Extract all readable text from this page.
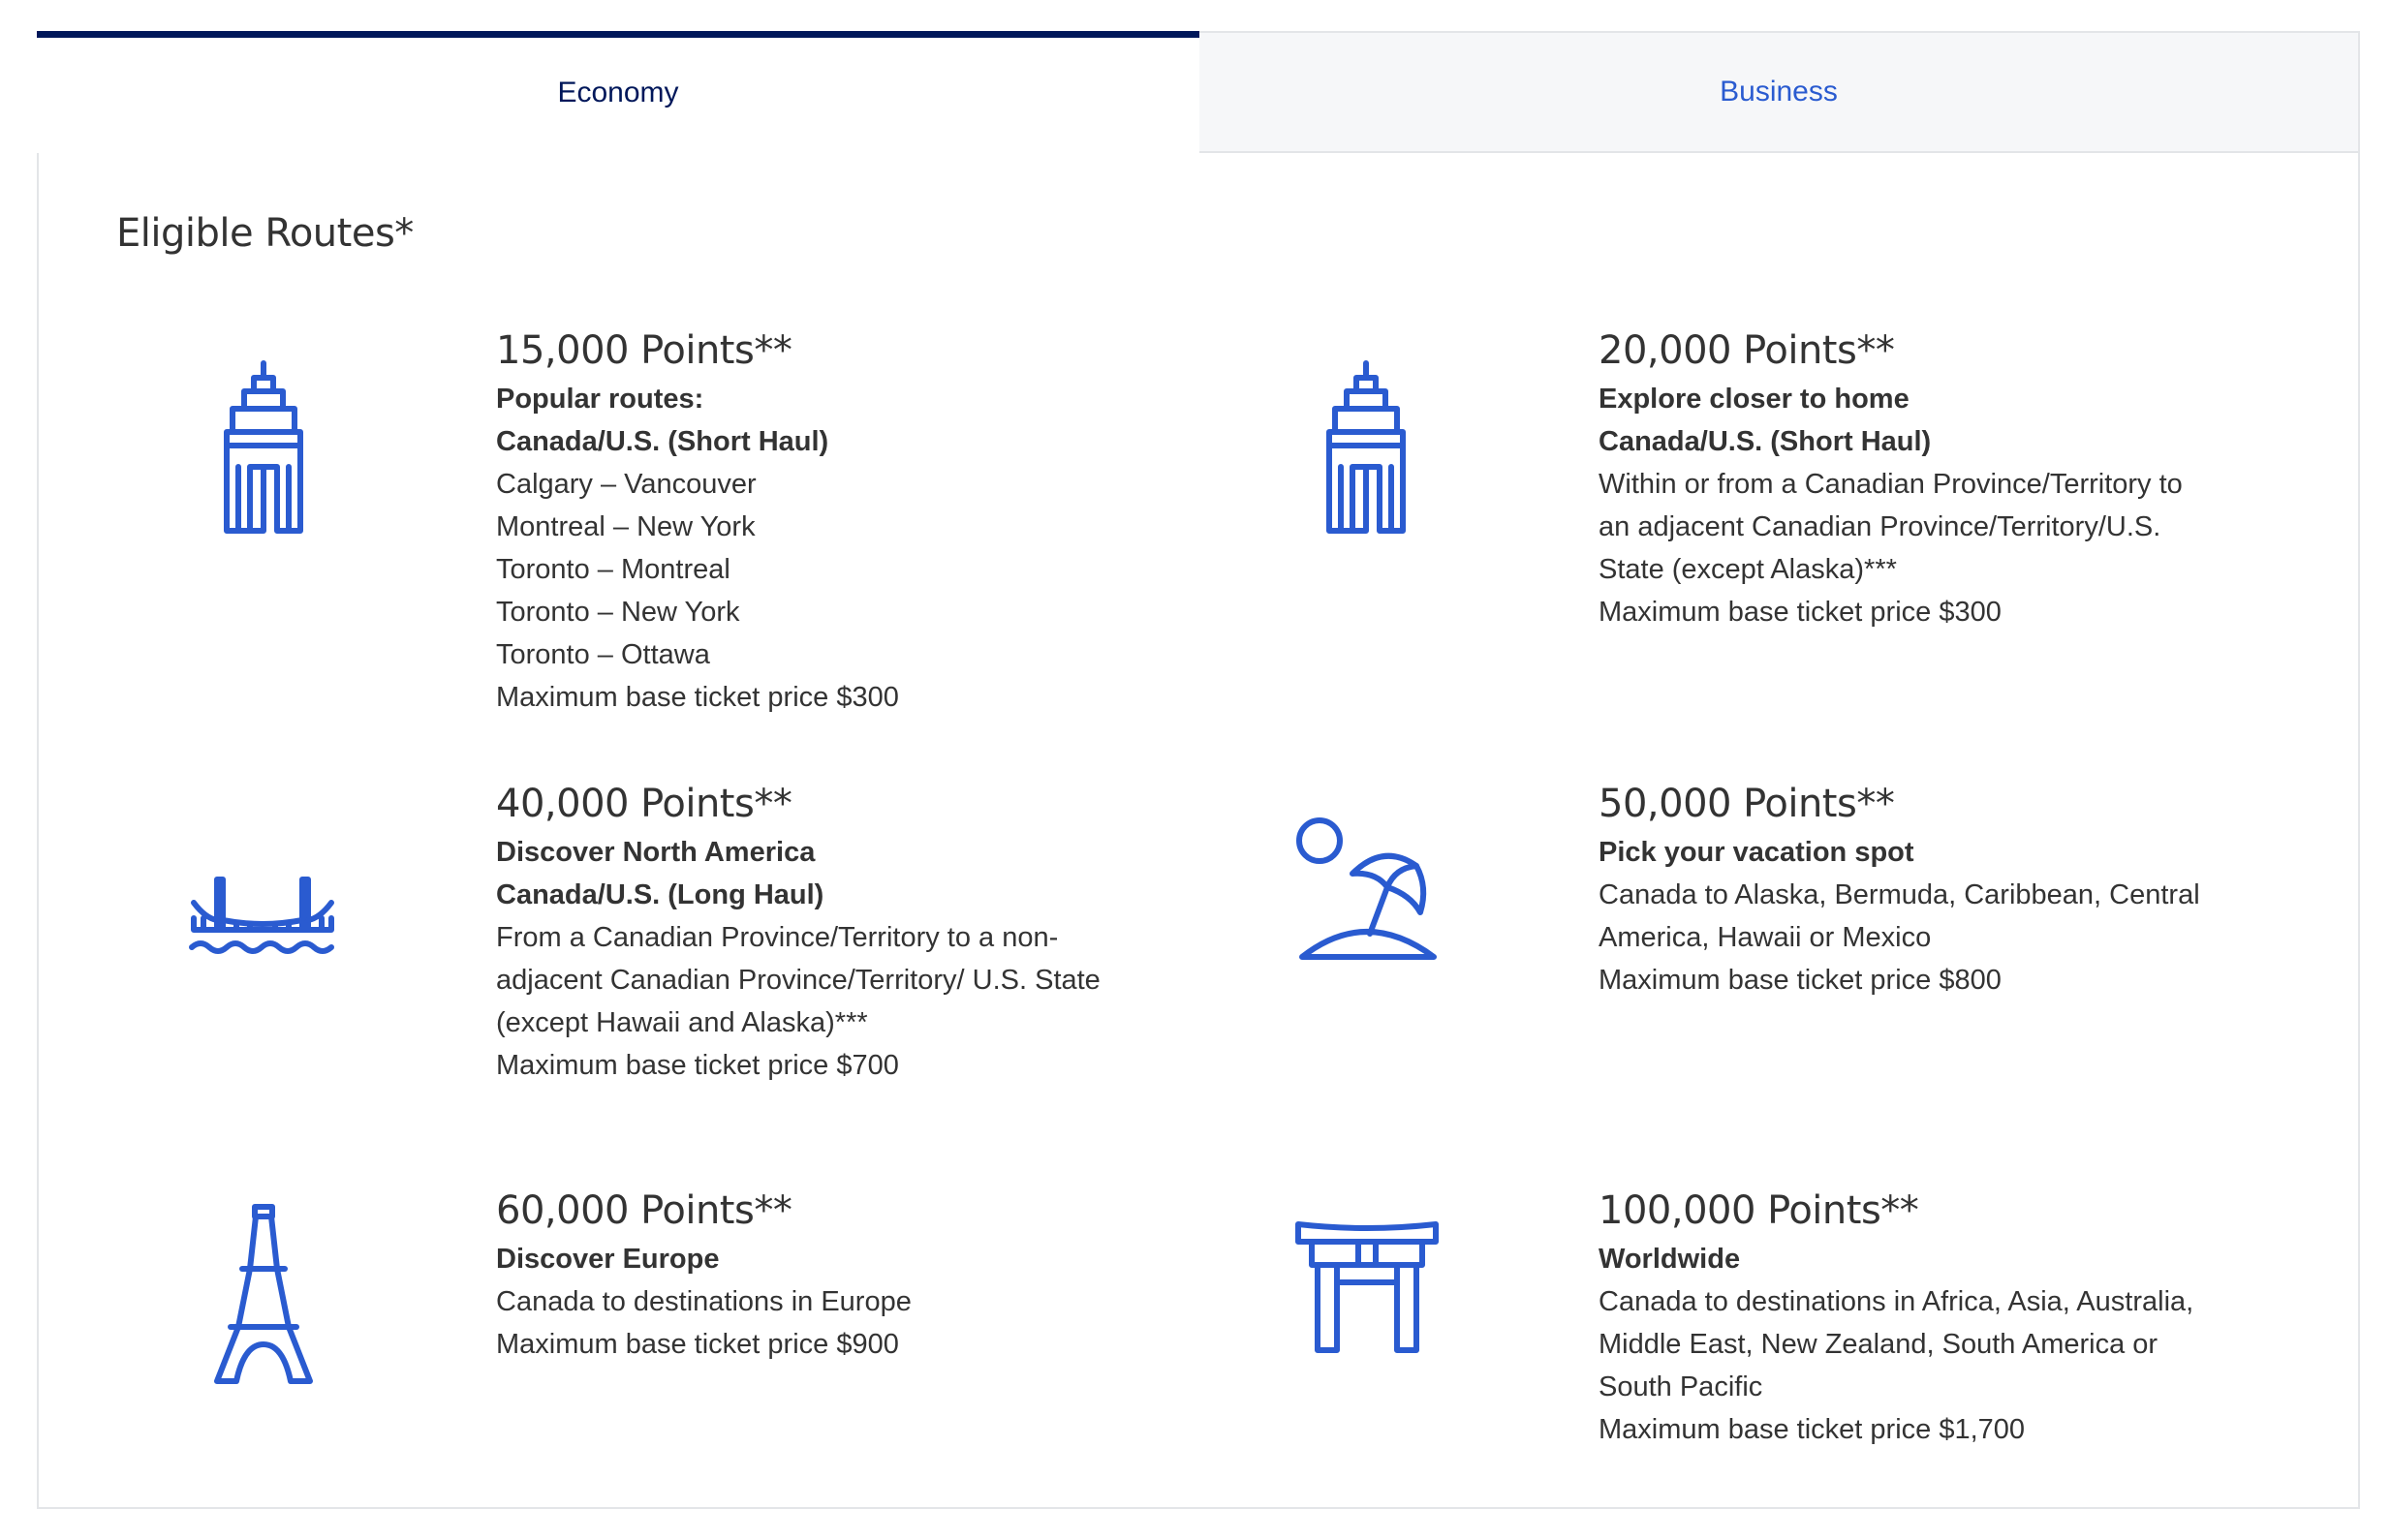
Economy	Business
Eligible Routes*
15,000 Points**
Popular routes:
Canada/U.S. (Short Haul)
Calgary – Vancouver
Montreal – New York
Toronto – Montreal
Toronto – New York
Toronto – Ottawa
Maximum base ticket price $300
20,000 Points**
Explore closer to home
Canada/U.S. (Short Haul)
Within or from a Canadian Province/Territory to
an adjacent Canadian Province/Territory/U.S.
State (except Alaska)***
Maximum base ticket price $300
40,000 Points**
Discover North America
Canada/U.S. (Long Haul)
From a Canadian Province/Territory to a non-
adjacent Canadian Province/Territory/ U.S. State
(except Hawaii and Alaska)***
Maximum base ticket price $700
50,000 Points**
Pick your vacation spot
Canada to Alaska, Bermuda, Caribbean, Central
America, Hawaii or Mexico
Maximum base ticket price $800
60,000 Points**
Discover Europe
Canada to destinations in Europe
Maximum base ticket price $900
100,000 Points**
Worldwide
Canada to destinations in Africa, Asia, Australia,
Middle East, New Zealand, South America or
South Pacific
Maximum base ticket price $1,700
